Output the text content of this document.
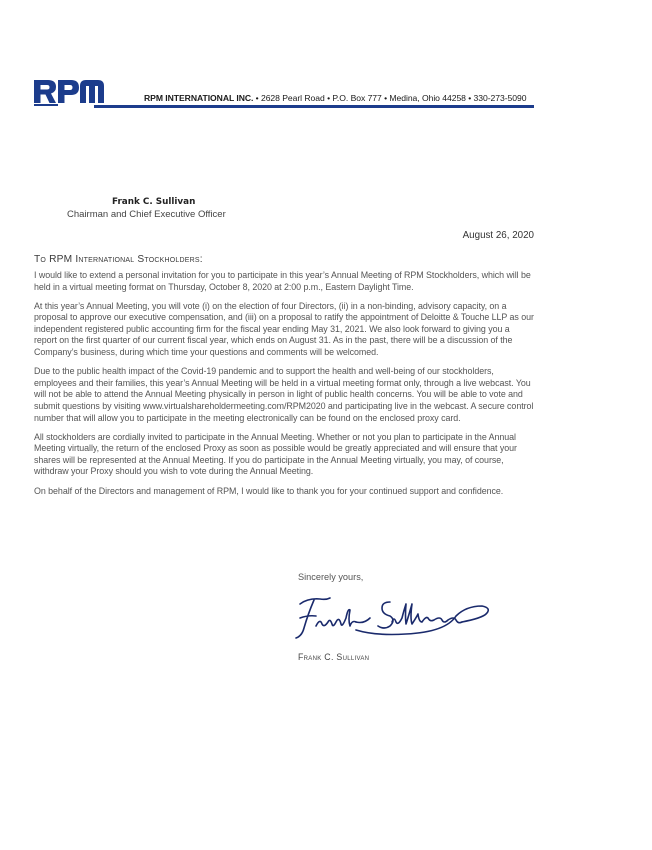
RPM INTERNATIONAL INC. • 2628 Pearl Road • P.O. Box 777 • Medina, Ohio 44258 • 330-273-5090
Frank C. Sullivan
Chairman and Chief Executive Officer
August 26, 2020
To RPM International Stockholders:

I would like to extend a personal invitation for you to participate in this year’s Annual Meeting of RPM Stockholders, which will be held in a virtual meeting format on Thursday, October 8, 2020 at 2:00 p.m., Eastern Daylight Time.

At this year’s Annual Meeting, you will vote (i) on the election of four Directors, (ii) in a non-binding, advisory capacity, on a proposal to approve our executive compensation, and (iii) on a proposal to ratify the appointment of Deloitte & Touche LLP as our independent registered public accounting firm for the fiscal year ending May 31, 2021. We also look forward to giving you a report on the first quarter of our current fiscal year, which ends on August 31. As in the past, there will be a discussion of the Company’s business, during which time your questions and comments will be welcomed.

Due to the public health impact of the Covid-19 pandemic and to support the health and well-being of our stockholders, employees and their families, this year’s Annual Meeting will be held in a virtual meeting format only, through a live webcast. You will not be able to attend the Annual Meeting physically in person in light of public health concerns. You will be able to vote and submit questions by visiting www.virtualshareholdermeeting.com/RPM2020 and participating live in the webcast. A secure control number that will allow you to participate in the meeting electronically can be found on the enclosed proxy card.

All stockholders are cordially invited to participate in the Annual Meeting. Whether or not you plan to participate in the Annual Meeting virtually, the return of the enclosed Proxy as soon as possible would be greatly appreciated and will ensure that your shares will be represented at the Annual Meeting. If you do participate in the Annual Meeting virtually, you may, of course, withdraw your Proxy should you wish to vote during the Annual Meeting.

On behalf of the Directors and management of RPM, I would like to thank you for your continued support and confidence.

Sincerely yours,
Frank C. Sullivan
